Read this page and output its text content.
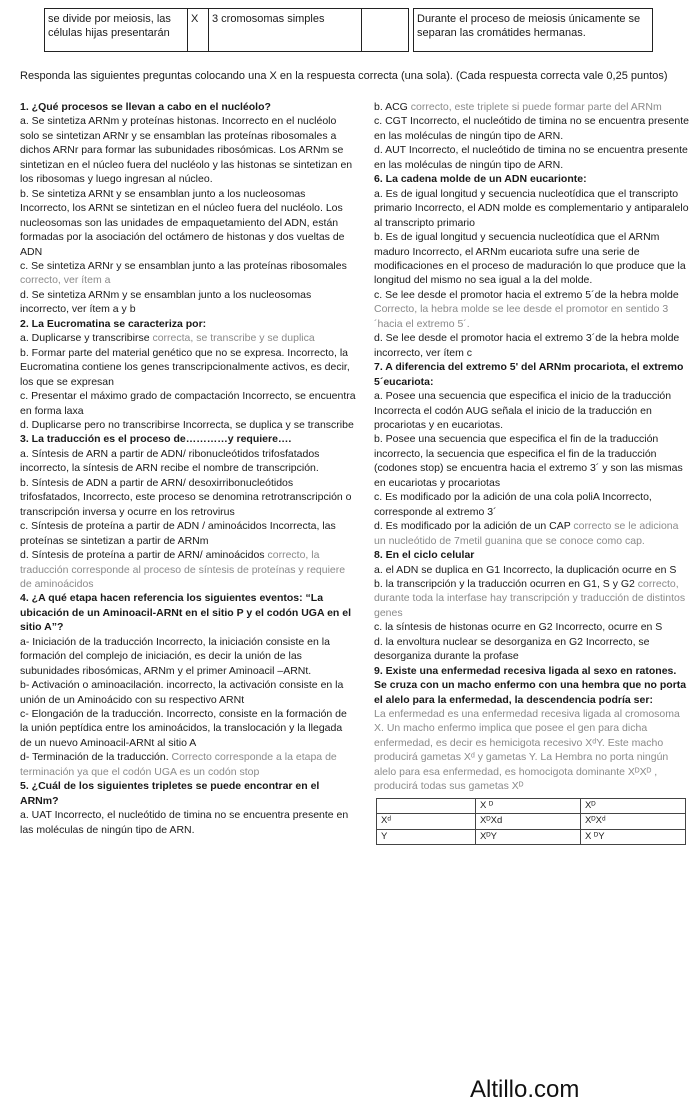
se divide por meiosis, las células hijas presentarán	X	3 cromosomas simples			Durante el proceso de meiosis únicamente se separan las cromátides hermanas.
Responda las siguientes preguntas colocando una X en la respuesta correcta (una sola). (Cada respuesta correcta vale 0,25 puntos)

1. ¿Qué procesos se llevan a cabo en el nucléolo?

a. Se sintetiza ARNm y proteínas histonas. Incorrecto en el nucléolo solo se sintetizan ARNr y se ensamblan las proteínas ribosomales a dichos ARNr para formar las subunidades ribosómicas. Los ARNm se sintetizan en el núcleo fuera del nucléolo y las histonas se sintetizan en los ribosomas y luego ingresan al núcleo.

b. Se sintetiza ARNt y se ensamblan junto a los nucleosomas Incorrecto, los ARNt se sintetizan en el núcleo fuera del nucléolo. Los nucleosomas son las unidades de empaquetamiento del ADN, están formadas por la asociación del octámero de histonas y dos vueltas de ADN

c. Se sintetiza ARNr y se ensamblan junto a las proteínas ribosomales correcto, ver ítem a

d. Se sintetiza ARNm y se ensamblan junto a los nucleosomas incorrecto, ver ítem a y b

2. La Eucromatina se caracteriza por:

a. Duplicarse y transcribirse correcta, se transcribe y se duplica

b. Formar parte del material genético que no se expresa. Incorrecto, la Eucromatina contiene los genes transcripcionalmente activos, es decir, los que se expresan

c. Presentar el máximo grado de compactación Incorrecto, se encuentra en forma laxa

d. Duplicarse pero no transcribirse Incorrecta, se duplica y se transcribe

3. La traducción es el proceso de…………y requiere….

a. Síntesis de ARN a partir de ADN/ ribonucleótidos trifosfatados incorrecto, la síntesis de ARN recibe el nombre de transcripción.

b. Síntesis de ADN a partir de ARN/ desoxirribonucleótidos trifosfatados, Incorrecto, este proceso se denomina retrotranscripción o transcripción inversa y ocurre en los retrovirus

c. Síntesis de proteína a partir de ADN / aminoácidos Incorrecta, las proteínas se sintetizan a partir de ARNm

d. Síntesis de proteína a partir de ARN/ aminoácidos correcto, la traducción corresponde al proceso de síntesis de proteínas y requiere de aminoácidos

4. ¿A qué etapa hacen referencia los siguientes eventos: “La ubicación de un Aminoacil-ARNt en el sitio P y el codón UGA en el sitio A”?

a- Iniciación de la traducción Incorrecto, la iniciación consiste en la formación del complejo de iniciación, es decir la unión de las subunidades ribosómicas, ARNm y el primer Aminoacil –ARNt.

b- Activación o aminoacilación. incorrecto, la activación consiste en la unión de un Aminoácido con su respectivo ARNt

c- Elongación de la traducción. Incorrecto, consiste en la formación de la unión peptídica entre los aminoácidos, la translocación y la llegada de un nuevo Aminoacil-ARNt al sitio A

d- Terminación de la traducción. Correcto corresponde a la etapa de terminación ya que el codón UGA es un codón stop

5. ¿Cuál de los siguientes tripletes se puede encontrar en el ARNm?

a. UAT Incorrecto, el nucleótido de timina no se encuentra presente en las moléculas de ningún tipo de ARN.

b. ACG correcto, este triplete si puede formar parte del ARNm

c. CGT Incorrecto, el nucleótido de timina no se encuentra presente en las moléculas de ningún tipo de ARN.

d. AUT Incorrecto, el nucleótido de timina no se encuentra presente en las moléculas de ningún tipo de ARN.

6. La cadena molde de un ADN eucarionte:

a. Es de igual longitud y secuencia nucleotídica que el transcripto primario Incorrecto, el ADN molde es complementario y antiparalelo al transcripto primario

b. Es de igual longitud y secuencia nucleotídica que el ARNm maduro Incorrecto, el ARNm eucariota sufre una serie de modificaciones en el proceso de maduración lo que produce que la longitud del mismo no sea igual a la del molde.

c. Se lee desde el promotor hacia el extremo 5´de la hebra molde Correcto, la hebra molde se lee desde el promotor en sentido 3´hacia el extremo 5´.

d. Se lee desde el promotor hacia el extremo 3´de la hebra molde incorrecto, ver ítem c

7. A diferencia del extremo 5' del ARNm procariota, el extremo 5´eucariota:

a. Posee una secuencia que especifica el inicio de la traducción Incorrecta el codón AUG señala el inicio de la traducción en procariotas y en eucariotas.

b. Posee una secuencia que especifica el fin de la traducción incorrecto, la secuencia que especifica el fin de la traducción (codones stop) se encuentra hacia el extremo 3´ y son las mismas en eucariotas y procariotas

c. Es modificado por la adición de una cola poliA Incorrecto, corresponde al extremo 3´

d. Es modificado por la adición de un CAP correcto se le adiciona un nucleótido de 7metil guanina que se conoce como cap.

8. En el ciclo celular

a. el ADN se duplica en G1 Incorrecto, la duplicación ocurre en S

b. la transcripción y la traducción ocurren en G1, S y G2 correcto, durante toda la interfase hay transcripción y traducción de distintos genes

c. la síntesis de histonas ocurre en G2 Incorrecto, ocurre en S

d. la envoltura nuclear se desorganiza en G2 Incorrecto, se desorganiza durante la profase

9. Existe una enfermedad recesiva ligada al sexo en ratones. Se cruza con un macho enfermo con una hembra que no porta el alelo para la enfermedad, la descendencia podría ser:

La enfermedad es una enfermedad recesiva ligada al cromosoma X. Un macho enfermo implica que posee el gen para dicha enfermedad, es decir es hemicigota recesivo XᵈY. Este macho producirá gametas Xᵈ y gametas Y. La Hembra no porta ningún alelo para esa enfermedad, es homocigota dominante XᴰXᴰ , producirá todas sus gametas Xᴰ

	X ᴰ	Xᴰ
Xᵈ	XᴰXd	XᴰXᵈ
Y	XᴰY	X ᴰY
Altillo.com
